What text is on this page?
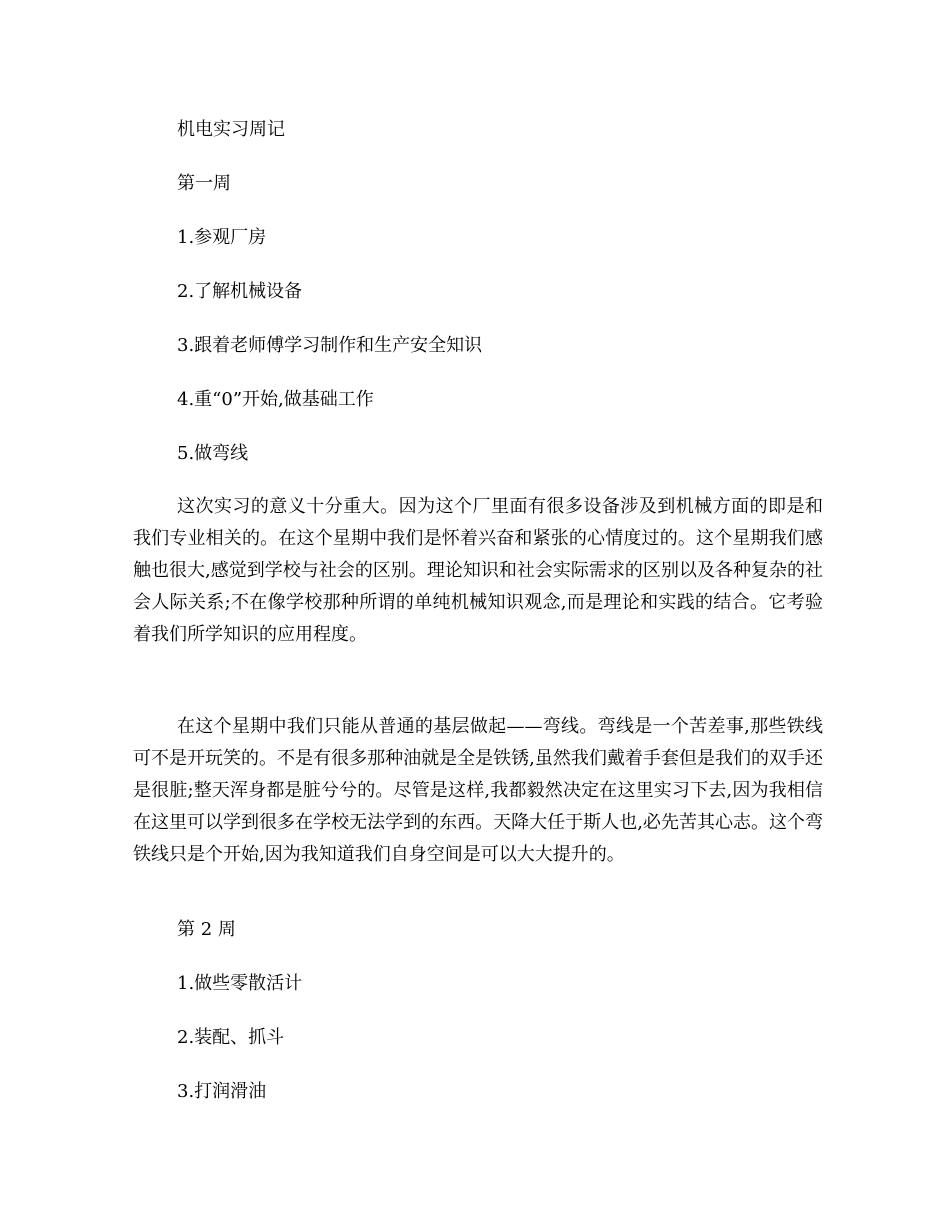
机电实习周记
第一周
1.参观厂房
2.了解机械设备
3.跟着老师傅学习制作和生产安全知识
4.重“0”开始,做基础工作
5.做弯线
这次实习的意义十分重大。因为这个厂里面有很多设备涉及到机械方面的即是和我们专业相关的。在这个星期中我们是怀着兴奋和紧张的心情度过的。这个星期我们感触也很大,感觉到学校与社会的区别。理论知识和社会实际需求的区别以及各种复杂的社会人际关系;不在像学校那种所谓的单纯机械知识观念,而是理论和实践的结合。它考验着我们所学知识的应用程度。
在这个星期中我们只能从普通的基层做起——弯线。弯线是一个苦差事,那些铁线可不是开玩笑的。不是有很多那种油就是全是铁锈,虽然我们戴着手套但是我们的双手还是很脏;整天浑身都是脏兮兮的。尽管是这样,我都毅然决定在这里实习下去,因为我相信在这里可以学到很多在学校无法学到的东西。天降大任于斯人也,必先苦其心志。这个弯铁线只是个开始,因为我知道我们自身空间是可以大大提升的。
第 2 周
1.做些零散活计
2.装配、抓斗
3.打润滑油
